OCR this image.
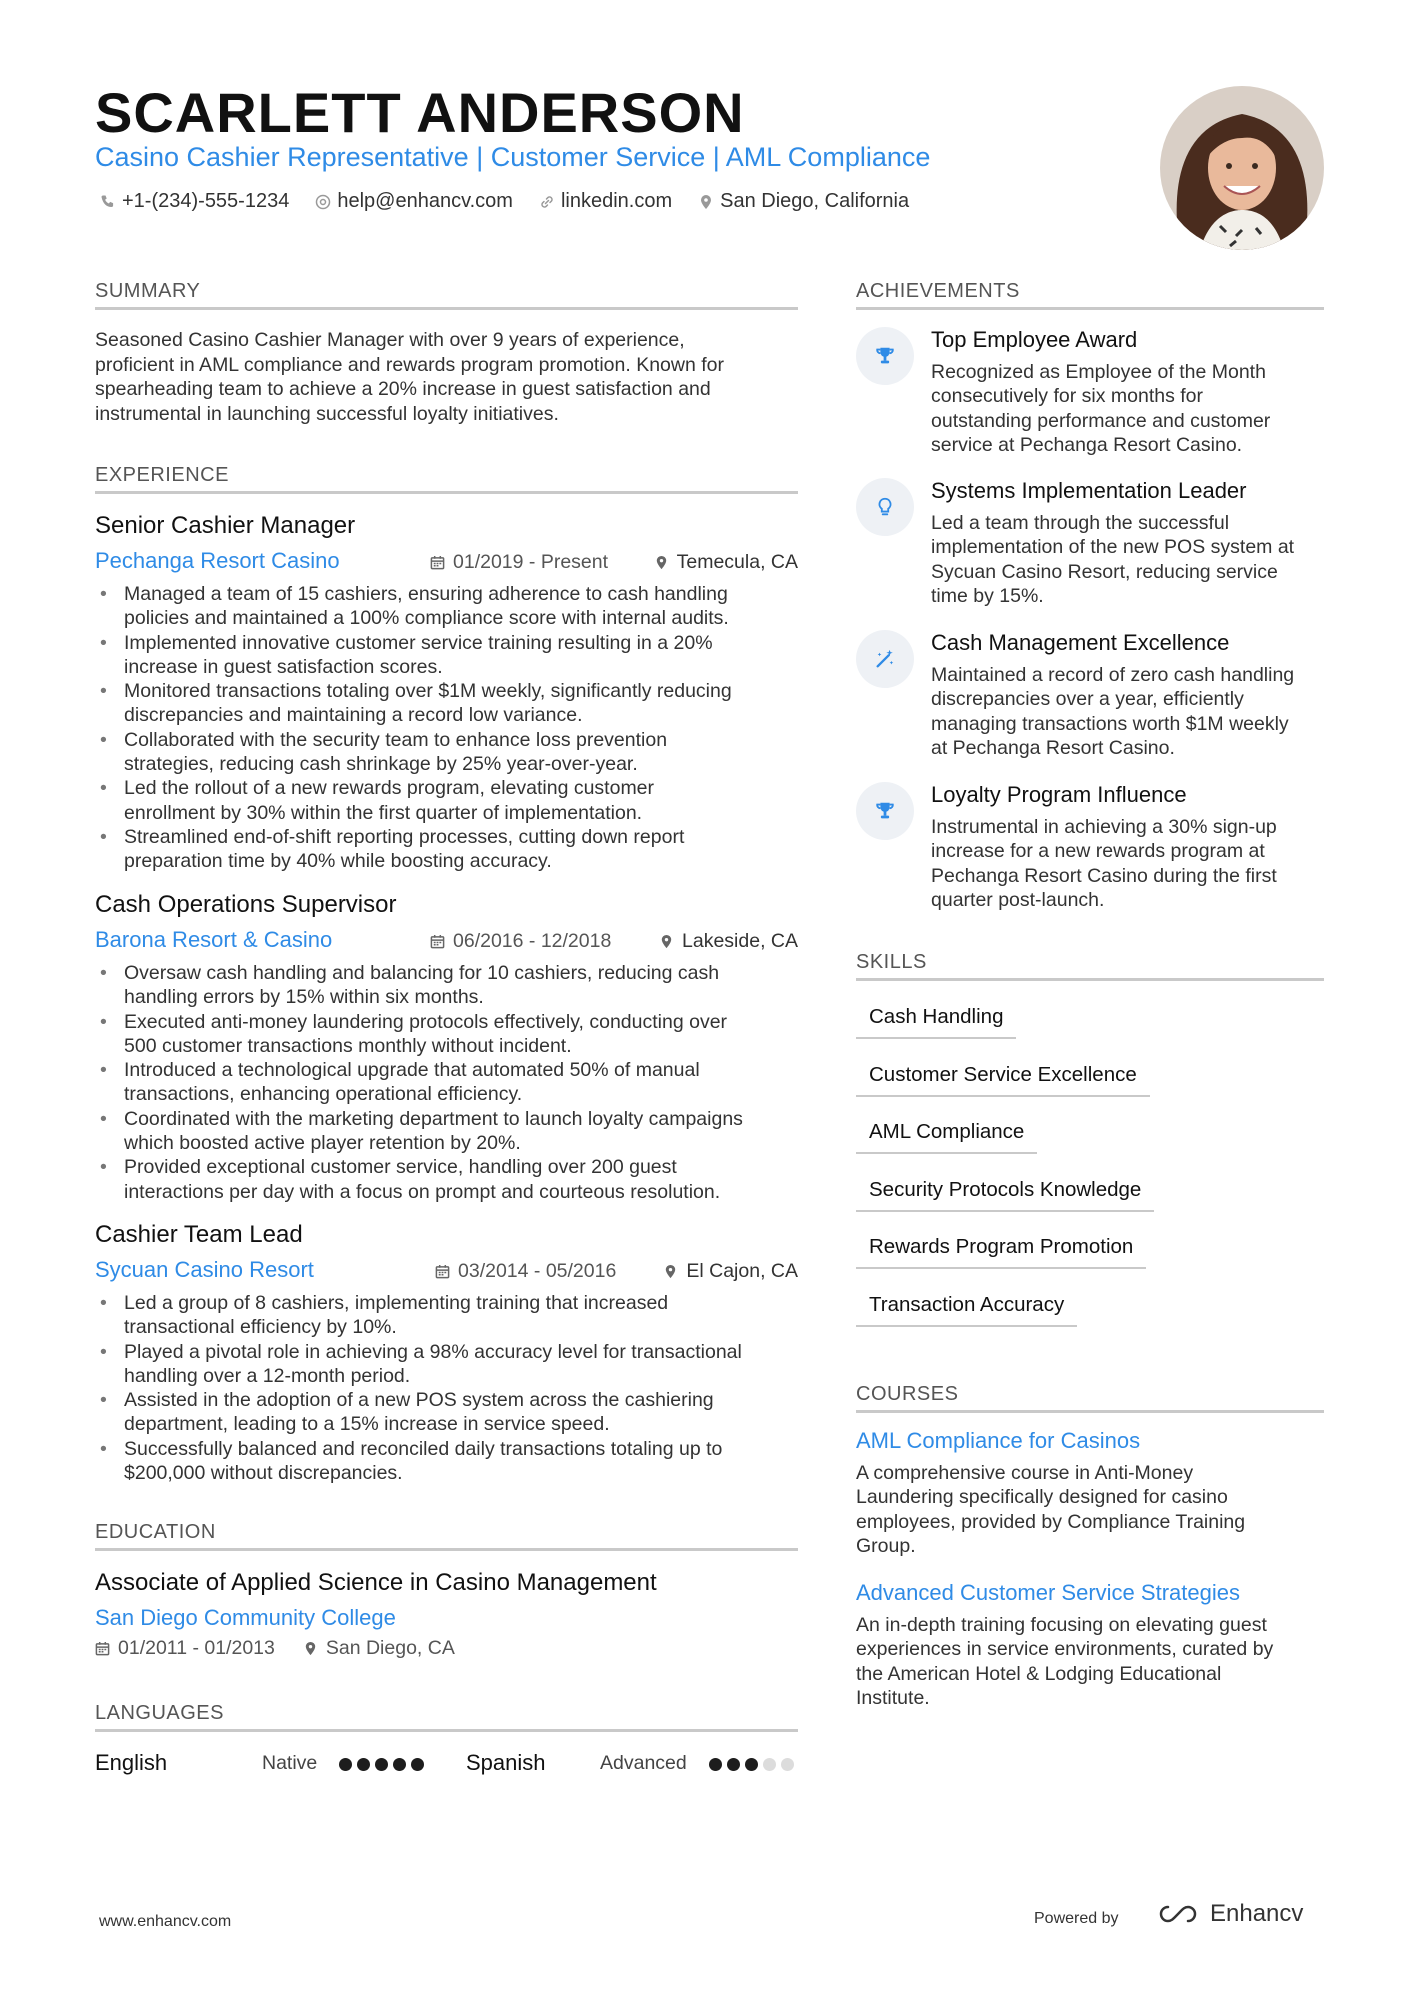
SCARLETT ANDERSON
Casino Cashier Representative | Customer Service | AML Compliance
+1-(234)-555-1234 help@enhancv.com linkedin.com San Diego, California
SUMMARY
Seasoned Casino Cashier Manager with over 9 years of experience,
proficient in AML compliance and rewards program promotion. Known for
spearheading team to achieve a 20% increase in guest satisfaction and
instrumental in launching successful loyalty initiatives.
EXPERIENCE
Senior Cashier Manager
Pechanga Resort Casino	01/2019 - Present	Temecula, CA
• Managed a team of 15 cashiers, ensuring adherence to cash handling
policies and maintained a 100% compliance score with internal audits.
• Implemented innovative customer service training resulting in a 20%
increase in guest satisfaction scores.
• Monitored transactions totaling over $1M weekly, significantly reducing
discrepancies and maintaining a record low variance.
• Collaborated with the security team to enhance loss prevention
strategies, reducing cash shrinkage by 25% year-over-year.
• Led the rollout of a new rewards program, elevating customer
enrollment by 30% within the first quarter of implementation.
• Streamlined end-of-shift reporting processes, cutting down report
preparation time by 40% while boosting accuracy.
Cash Operations Supervisor
Barona Resort & Casino	06/2016 - 12/2018	Lakeside, CA
• Oversaw cash handling and balancing for 10 cashiers, reducing cash
handling errors by 15% within six months.
• Executed anti-money laundering protocols effectively, conducting over
500 customer transactions monthly without incident.
• Introduced a technological upgrade that automated 50% of manual
transactions, enhancing operational efficiency.
• Coordinated with the marketing department to launch loyalty campaigns
which boosted active player retention by 20%.
• Provided exceptional customer service, handling over 200 guest
interactions per day with a focus on prompt and courteous resolution.
Cashier Team Lead
Sycuan Casino Resort	03/2014 - 05/2016	El Cajon, CA
• Led a group of 8 cashiers, implementing training that increased
transactional efficiency by 10%.
• Played a pivotal role in achieving a 98% accuracy level for transactional
handling over a 12-month period.
• Assisted in the adoption of a new POS system across the cashiering
department, leading to a 15% increase in service speed.
• Successfully balanced and reconciled daily transactions totaling up to
$200,000 without discrepancies.
EDUCATION
Associate of Applied Science in Casino Management
San Diego Community College
01/2011 - 01/2013	San Diego, CA
LANGUAGES
English	Native	Spanish	Advanced
ACHIEVEMENTS
Top Employee Award
Recognized as Employee of the Month
consecutively for six months for
outstanding performance and customer
service at Pechanga Resort Casino.
Systems Implementation Leader
Led a team through the successful
implementation of the new POS system at
Sycuan Casino Resort, reducing service
time by 15%.
Cash Management Excellence
Maintained a record of zero cash handling
discrepancies over a year, efficiently
managing transactions worth $1M weekly
at Pechanga Resort Casino.
Loyalty Program Influence
Instrumental in achieving a 30% sign-up
increase for a new rewards program at
Pechanga Resort Casino during the first
quarter post-launch.
SKILLS
Cash Handling
Customer Service Excellence
AML Compliance
Security Protocols Knowledge
Rewards Program Promotion
Transaction Accuracy
COURSES
AML Compliance for Casinos
A comprehensive course in Anti-Money
Laundering specifically designed for casino
employees, provided by Compliance Training
Group.
Advanced Customer Service Strategies
An in-depth training focusing on elevating guest
experiences in service environments, curated by
the American Hotel & Lodging Educational
Institute.
www.enhancv.com	Powered by	Enhancv
